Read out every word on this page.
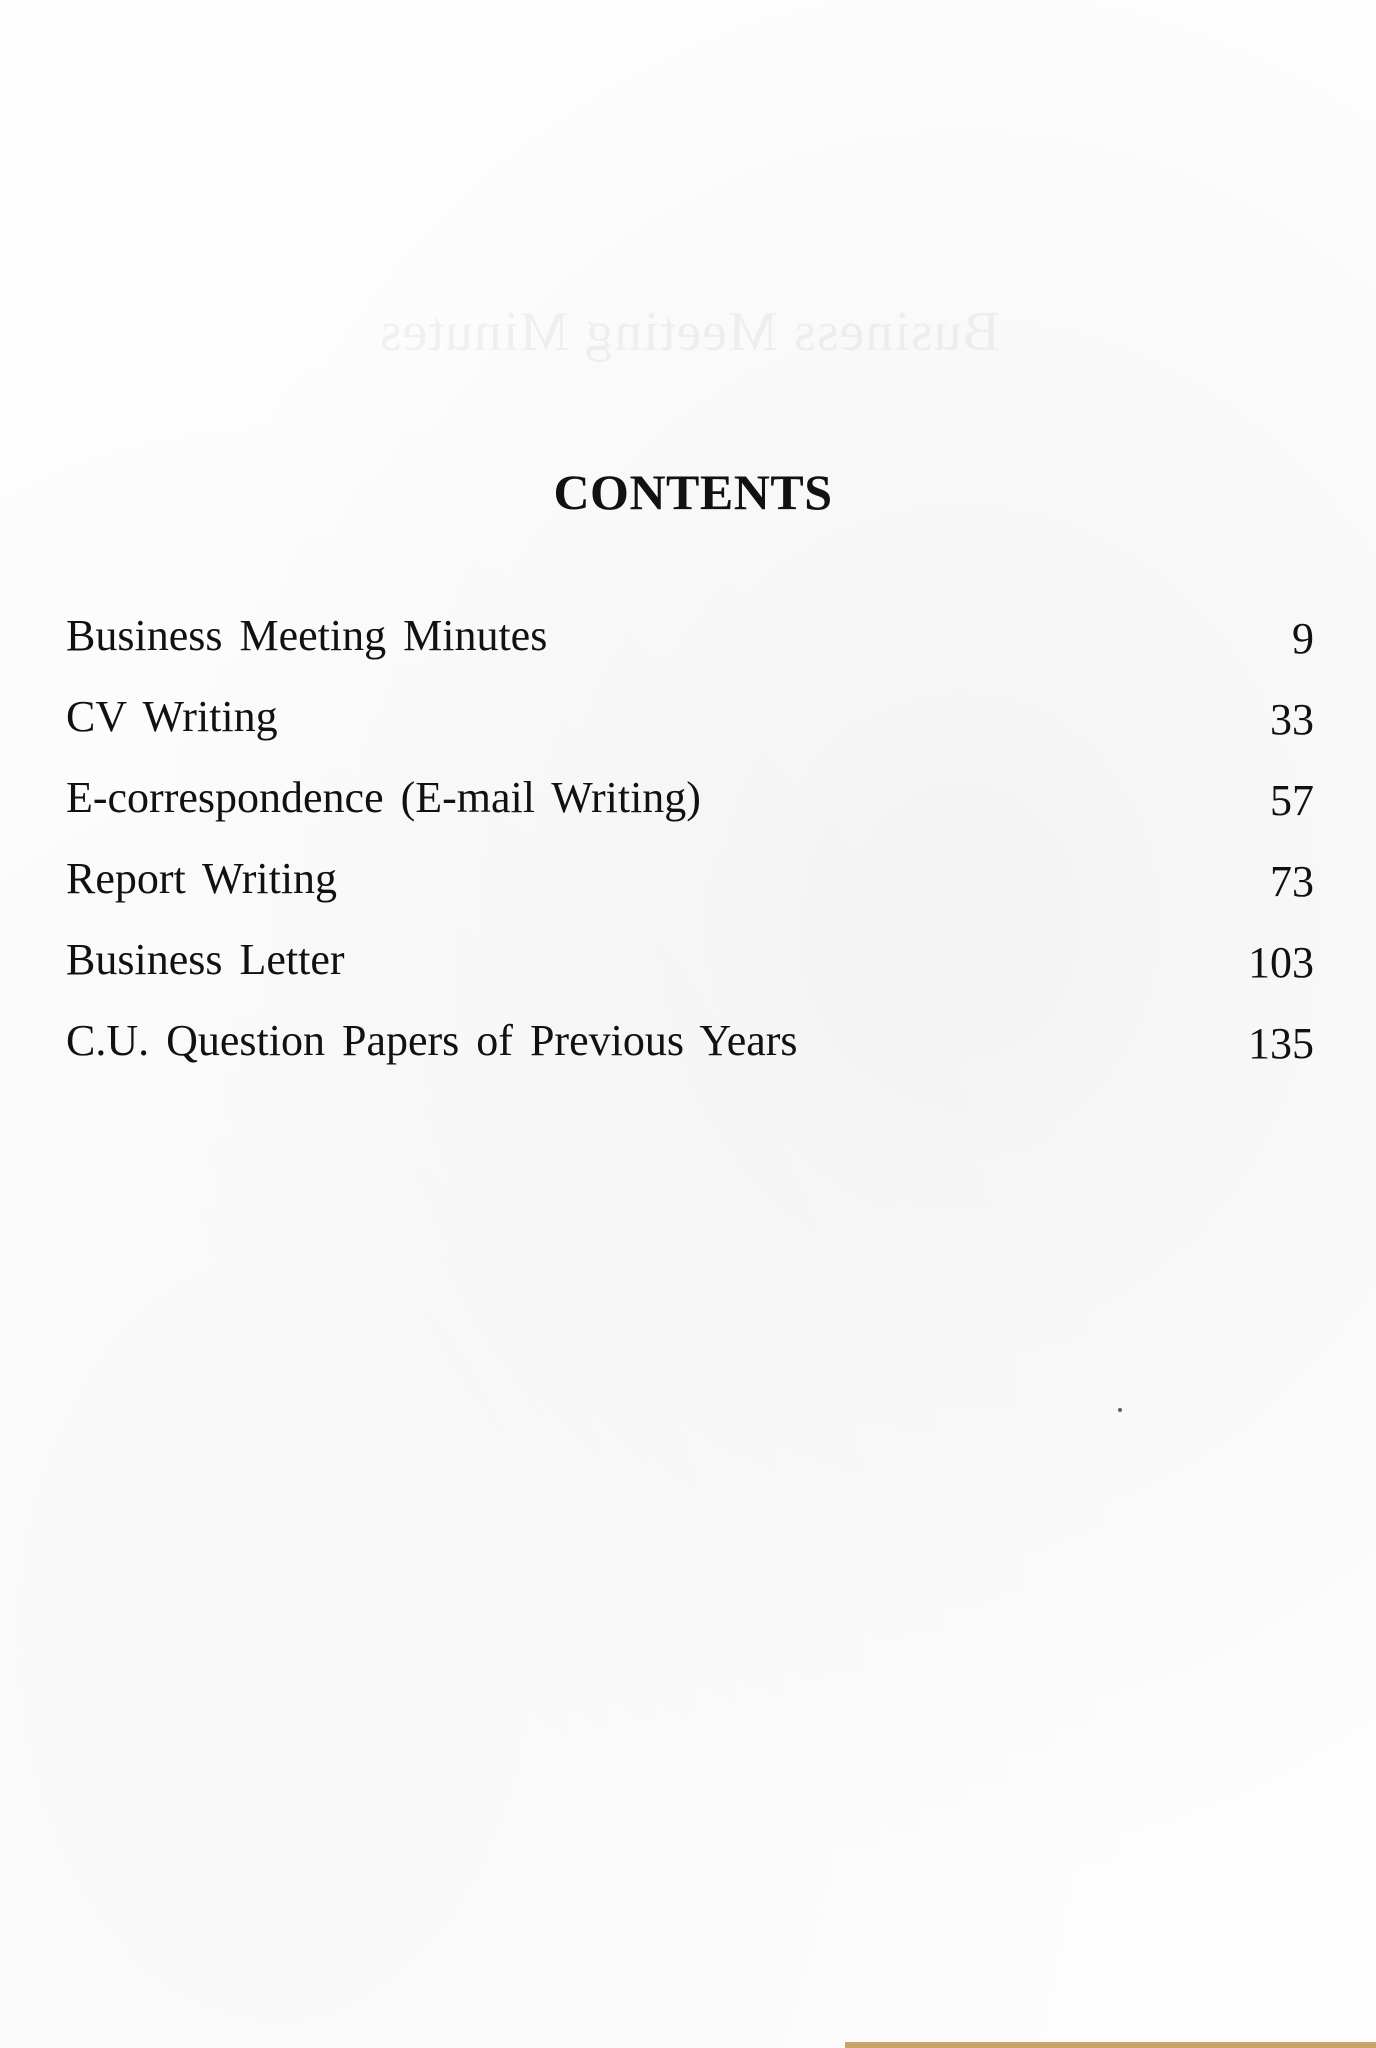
CONTENTS
Business Meeting Minutes	9
CV Writing	33
E-correspondence (E-mail Writing)	57
Report Writing	73
Business Letter	103
C.U. Question Papers of Previous Years	135
